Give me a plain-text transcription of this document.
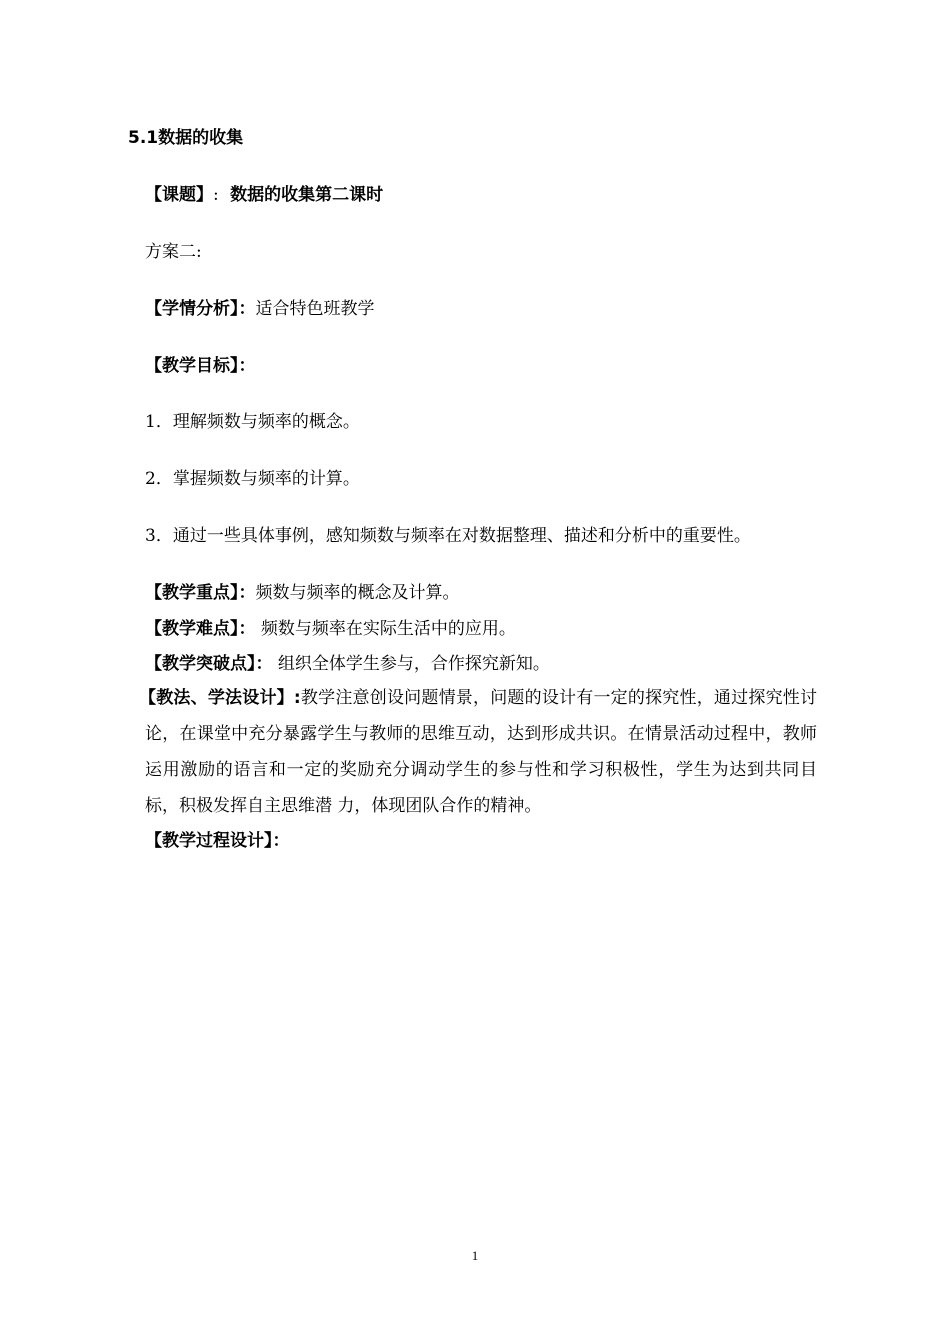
5.1数据的收集
【课题】: 数据的收集第二课时
方案二:
【学情分析】：适合特色班教学
【教学目标】：
1．理解频数与频率的概念。
2．掌握频数与频率的计算。
3．通过一些具体事例，感知频数与频率在对数据整理、描述和分析中的重要性。
【教学重点】：频数与频率的概念及计算。
【教学难点】： 频数与频率在实际生活中的应用。
【教学突破点】： 组织全体学生参与，合作探究新知。
【教法、学法设计】:教学注意创设问题情景，问题的设计有一定的探究性，通过探究性讨论，在课堂中充分暴露学生与教师的思维互动，达到形成共识。在情景活动过程中，教师运用激励的语言和一定的奖励充分调动学生的参与性和学习积极性，学生为达到共同目标，积极发挥自主思维潜 力，体现团队合作的精神。
【教学过程设计】：
1
